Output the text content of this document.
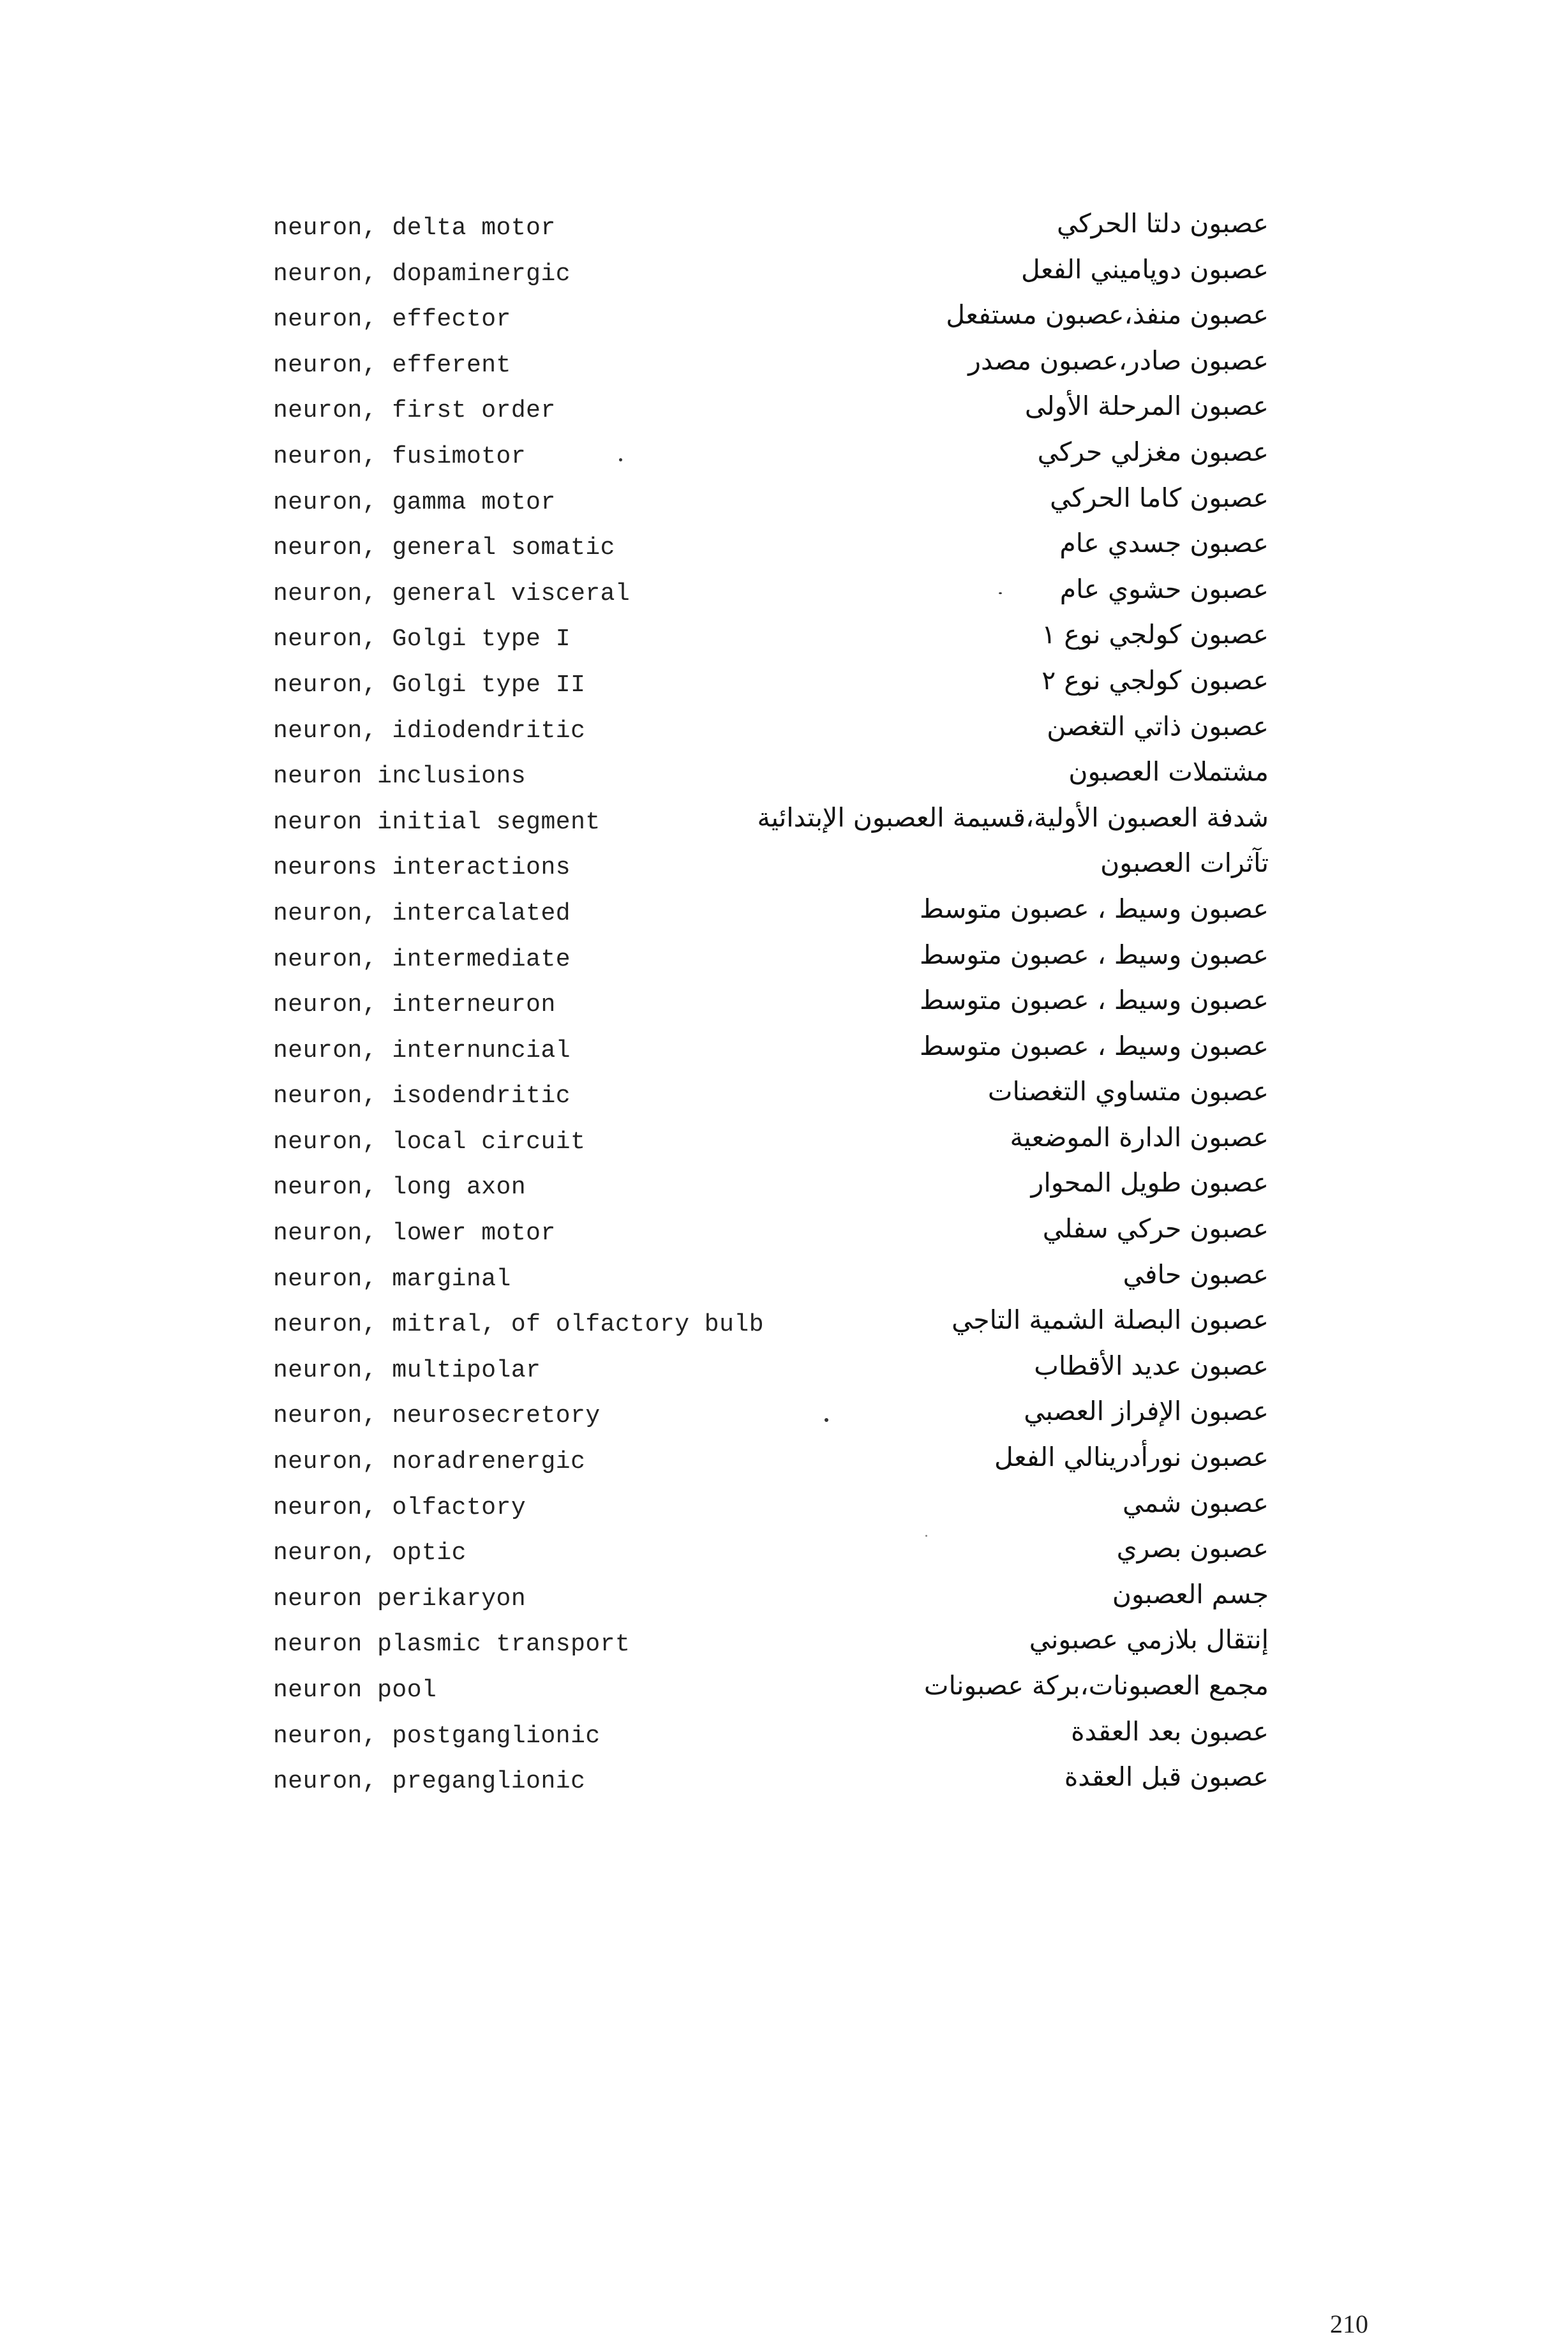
neuron, delta motor	عصبون دلتا الحركي
neuron, dopaminergic	عصبون دوپاميني الفعل
neuron, effector	عصبون منفذ،عصبون مستفعل
neuron, efferent	عصبون صادر،عصبون مصدر
neuron, first order	عصبون المرحلة الأولى
neuron, fusimotor	عصبون مغزلي حركي
neuron, gamma motor	عصبون كاما الحركي
neuron, general somatic	عصبون جسدي عام
neuron, general visceral	عصبون حشوي عام
neuron, Golgi type I	عصبون كولجي نوع ١
neuron, Golgi type II	عصبون كولجي نوع ٢
neuron, idiodendritic	عصبون ذاتي التغصن
neuron inclusions	مشتملات العصبون
neuron initial segment	شدفة العصبون الأولية،قسيمة العصبون الإبتدائية
neurons interactions	تآثرات العصبون
neuron, intercalated	عصبون وسيط ، عصبون متوسط
neuron, intermediate	عصبون وسيط ، عصبون متوسط
neuron, interneuron	عصبون وسيط ، عصبون متوسط
neuron, internuncial	عصبون وسيط ، عصبون متوسط
neuron, isodendritic	عصبون متساوي التغصنات
neuron, local circuit	عصبون الدارة الموضعية
neuron, long axon	عصبون طويل المحوار
neuron, lower motor	عصبون حركي سفلي
neuron, marginal	عصبون حافي
neuron, mitral, of olfactory bulb	عصبون البصلة الشمية التاجي
neuron, multipolar	عصبون عديد الأقطاب
neuron, neurosecretory	عصبون الإفراز العصبي
neuron, noradrenergic	عصبون نورأدرينالي الفعل
neuron, olfactory	عصبون شمي
neuron, optic	عصبون بصري
neuron perikaryon	جسم العصبون
neuron plasmic transport	إنتقال بلازمي عصبوني
neuron pool	مجمع العصبونات،بركة عصبونات
neuron, postganglionic	عصبون بعد العقدة
neuron, preganglionic	عصبون قبل العقدة
210
